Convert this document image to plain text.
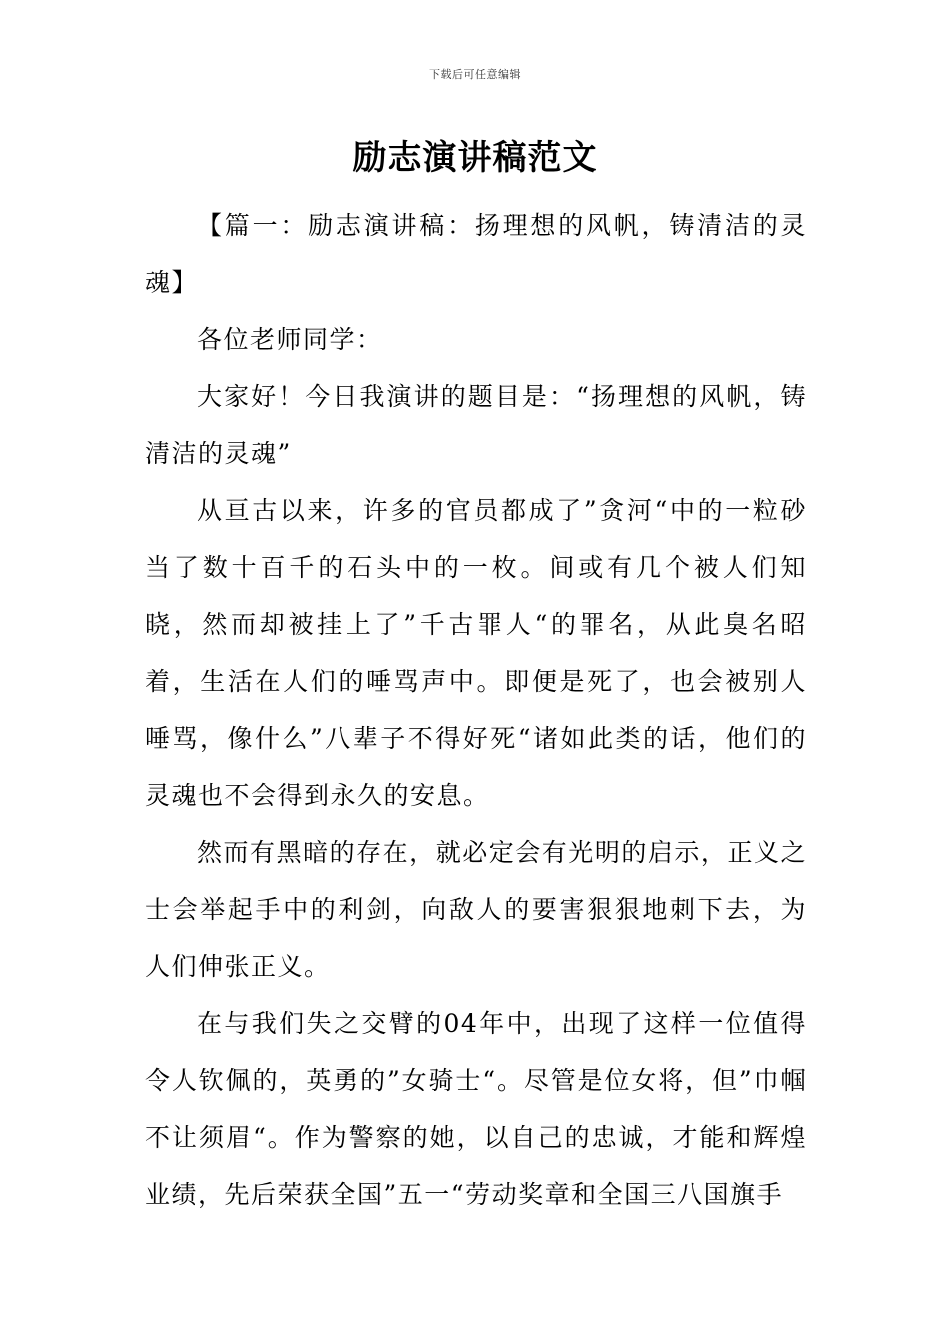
下载后可任意编辑
励志演讲稿范文

【篇一：励志演讲稿：扬理想的风帆，铸清洁的灵魂】

各位老师同学：

大家好！今日我演讲的题目是：“扬理想的风帆，铸清洁的灵魂”

从亘古以来，许多的官员都成了”贪河“中的一粒砂当了数十百千的石头中的一枚。间或有几个被人们知晓，然而却被挂上了”千古罪人“的罪名，从此臭名昭着，生活在人们的唾骂声中。即便是死了，也会被别人唾骂，像什么”八辈子不得好死“诸如此类的话，他们的灵魂也不会得到永久的安息。

然而有黑暗的存在，就必定会有光明的启示，正义之士会举起手中的利剑，向敌人的要害狠狠地刺下去，为人们伸张正义。

在与我们失之交臂的04年中，出现了这样一位值得令人钦佩的，英勇的”女骑士“。尽管是位女将，但”巾帼不让须眉“。作为警察的她，以自己的忠诚，才能和辉煌业绩，先后荣获全国”五一“劳动奖章和全国三八国旗手
